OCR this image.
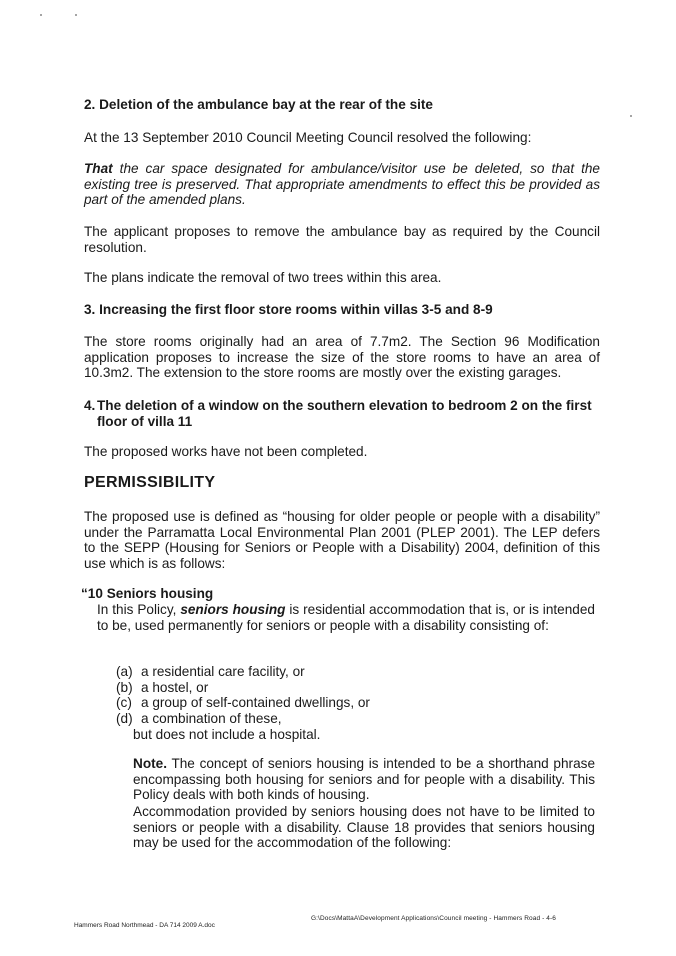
2. Deletion of the ambulance bay at the rear of the site

At the 13 September 2010 Council Meeting Council resolved the following:

That the car space designated for ambulance/visitor use be deleted, so that the existing tree is preserved. That appropriate amendments to effect this be provided as part of the amended plans.

The applicant proposes to remove the ambulance bay as required by the Council resolution.

The plans indicate the removal of two trees within this area.

3. Increasing the first floor store rooms within villas 3-5 and 8-9

The store rooms originally had an area of 7.7m2. The Section 96 Modification application proposes to increase the size of the store rooms to have an area of 10.3m2. The extension to the store rooms are mostly over the existing garages.

4. The deletion of a window on the southern elevation to bedroom 2 on the first floor of villa 11

The proposed works have not been completed.

PERMISSIBILITY

The proposed use is defined as “housing for older people or people with a disability” under the Parramatta Local Environmental Plan 2001 (PLEP 2001). The LEP defers to the SEPP (Housing for Seniors or People with a Disability) 2004, definition of this use which is as follows:

“10 Seniors housing

In this Policy, seniors housing is residential accommodation that is, or is intended to be, used permanently for seniors or people with a disability consisting of:

(a) a residential care facility, or
(b) a hostel, or
(c) a group of self-contained dwellings, or
(d) a combination of these,

but does not include a hospital.

Note. The concept of seniors housing is intended to be a shorthand phrase encompassing both housing for seniors and for people with a disability. This Policy deals with both kinds of housing.

Accommodation provided by seniors housing does not have to be limited to seniors or people with a disability. Clause 18 provides that seniors housing may be used for the accommodation of the following:

Hammers Road Northmead - DA 714 2009 A.doc

G:\Docs\MattaA\Development Applications\Council meeting - Hammers Road - 4-6
